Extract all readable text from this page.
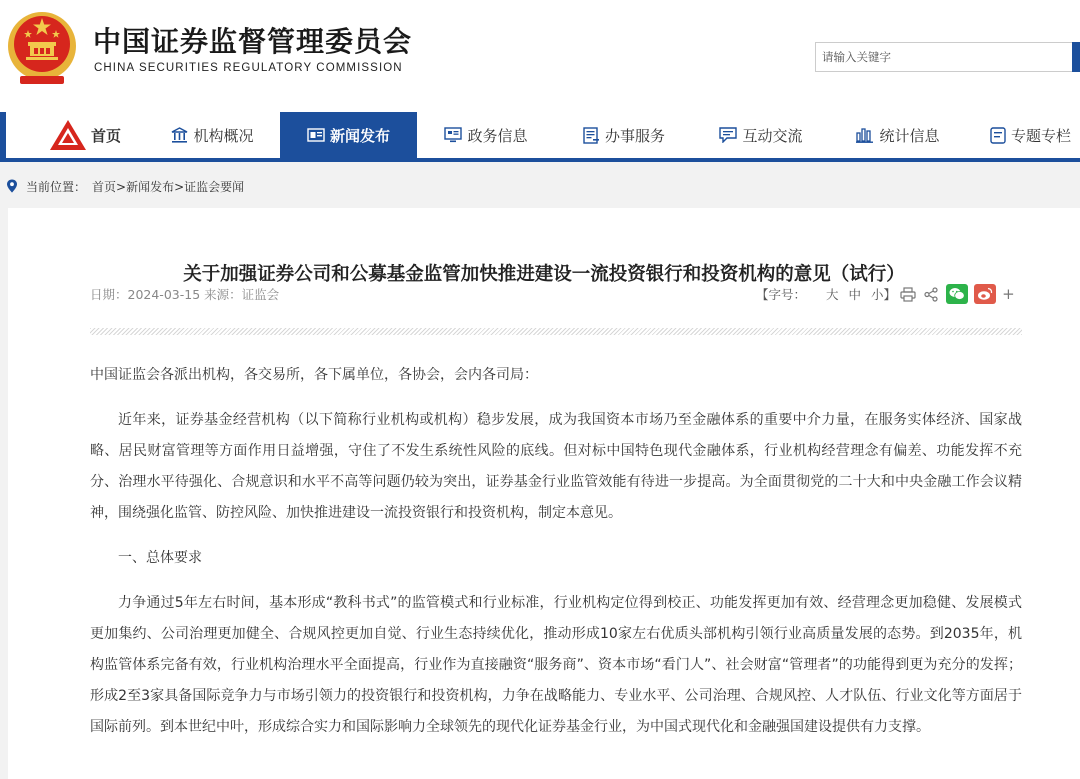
中国证券监督管理委员会
CHINA SECURITIES REGULATORY COMMISSION
请输入关键字
首页	机构概况	新闻发布	政务信息	办事服务	互动交流	统计信息	专题专栏
当前位置： 首页>新闻发布>证监会要闻
关于加强证券公司和公募基金监管加快推进建设一流投资银行和投资机构的意见（试行）
日期：2024-03-15 来源：证监会	【字号： 大 中 小】	+

中国证监会各派出机构，各交易所，各下属单位，各协会，会内各司局：

近年来，证券基金经营机构（以下简称行业机构或机构）稳步发展，成为我国资本市场乃至金融体系的重要中介力量，在服务实体经济、国家战略、居民财富管理等方面作用日益增强，守住了不发生系统性风险的底线。但对标中国特色现代金融体系，行业机构经营理念有偏差、功能发挥不充分、治理水平待强化、合规意识和水平不高等问题仍较为突出，证券基金行业监管效能有待进一步提高。为全面贯彻党的二十大和中央金融工作会议精神，围绕强化监管、防控风险、加快推进建设一流投资银行和投资机构，制定本意见。

一、总体要求

力争通过5年左右时间，基本形成“教科书式”的监管模式和行业标准，行业机构定位得到校正、功能发挥更加有效、经营理念更加稳健、发展模式更加集约、公司治理更加健全、合规风控更加自觉、行业生态持续优化，推动形成10家左右优质头部机构引领行业高质量发展的态势。到2035年，机构监管体系完备有效，行业机构治理水平全面提高，行业作为直接融资“服务商”、资本市场“看门人”、社会财富“管理者”的功能得到更为充分的发挥；形成2至3家具备国际竞争力与市场引领力的投资银行和投资机构，力争在战略能力、专业水平、公司治理、合规风控、人才队伍、行业文化等方面居于国际前列。到本世纪中叶，形成综合实力和国际影响力全球领先的现代化证券基金行业，为中国式现代化和金融强国建设提供有力支撑。
